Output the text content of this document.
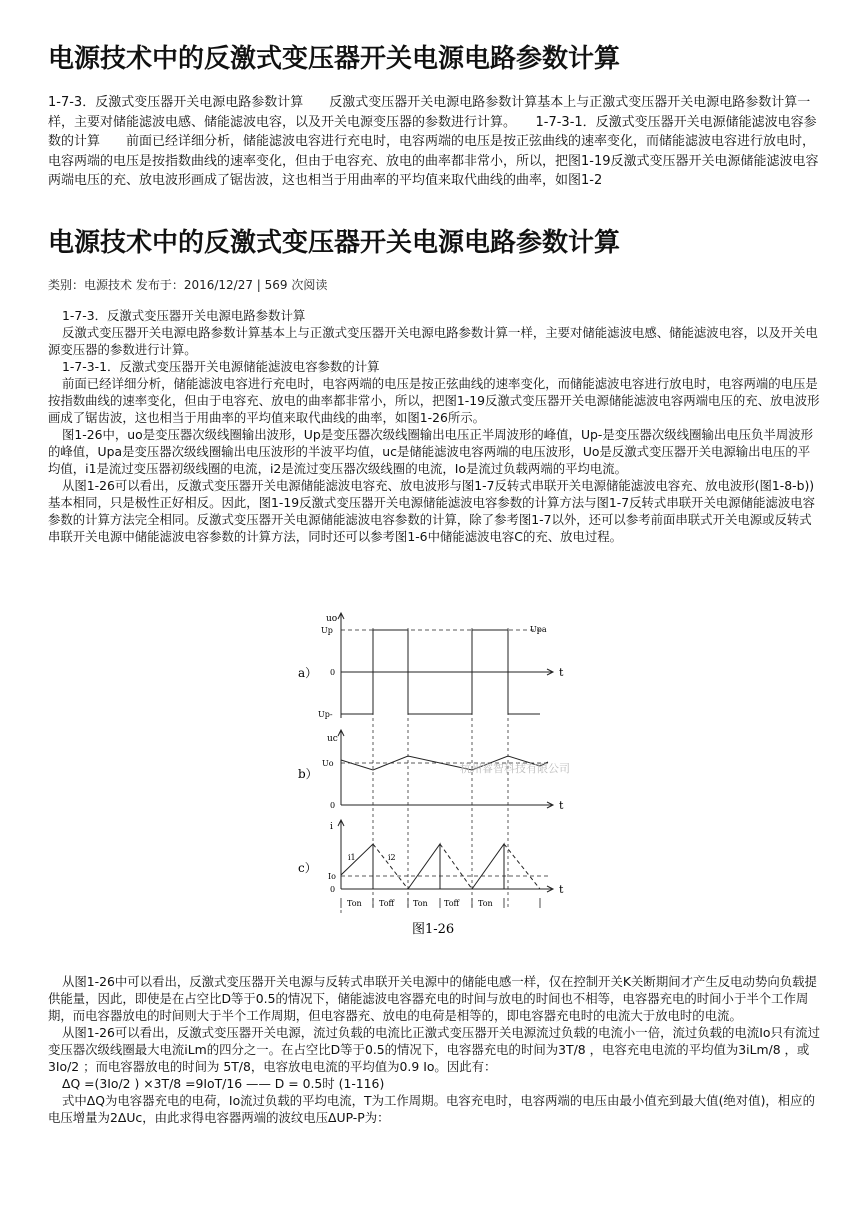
电源技术中的反激式变压器开关电源电路参数计算
1-7-3．反激式变压器开关电源电路参数计算　　反激式变压器开关电源电路参数计算基本上与正激式变压器开关电源电路参数计算一样，主要对储能滤波电感、储能滤波电容，以及开关电源变压器的参数进行计算。　　1-7-3-1．反激式变压器开关电源储能滤波电容参数的计算　　前面已经详细分析，储能滤波电容进行充电时，电容两端的电压是按正弦曲线的速率变化，而储能滤波电容进行放电时，电容两端的电压是按指数曲线的速率变化，但由于电容充、放电的曲率都非常小，所以，把图1-19反激式变压器开关电源储能滤波电容两端电压的充、放电波形画成了锯齿波，这也相当于用曲率的平均值来取代曲线的曲率，如图1-2
电源技术中的反激式变压器开关电源电路参数计算
类别：电源技术 发布于：2016/12/27 | 569 次阅读

1-7-3．反激式变压器开关电源电路参数计算

反激式变压器开关电源电路参数计算基本上与正激式变压器开关电源电路参数计算一样，主要对储能滤波电感、储能滤波电容，以及开关电源变压器的参数进行计算。

1-7-3-1．反激式变压器开关电源储能滤波电容参数的计算

前面已经详细分析，储能滤波电容进行充电时，电容两端的电压是按正弦曲线的速率变化，而储能滤波电容进行放电时，电容两端的电压是按指数曲线的速率变化，但由于电容充、放电的曲率都非常小，所以，把图1-19反激式变压器开关电源储能滤波电容两端电压的充、放电波形画成了锯齿波，这也相当于用曲率的平均值来取代曲线的曲率，如图1-26所示。

图1-26中，uo是变压器次级线圈输出波形，Up是变压器次级线圈输出电压正半周波形的峰值，Up-是变压器次级线圈输出电压负半周波形的峰值，Upa是变压器次级线圈输出电压波形的半波平均值，uc是储能滤波电容两端的电压波形，Uo是反激式变压器开关电源输出电压的平均值，i1是流过变压器初级线圈的电流，i2是流过变压器次级线圈的电流，Io是流过负载两端的平均电流。

从图1-26可以看出，反激式变压器开关电源储能滤波电容充、放电波形与图1-7反转式串联开关电源储能滤波电容充、放电波形(图1-8-b))基本相同，只是极性正好相反。因此，图1-19反激式变压器开关电源储能滤波电容参数的计算方法与图1-7反转式串联开关电源储能滤波电容参数的计算方法完全相同。反激式变压器开关电源储能滤波电容参数的计算，除了参考图1-7以外，还可以参考前面串联式开关电源或反转式串联开关电源中储能滤波电容参数的计算方法，同时还可以参考图1-6中储能滤波电容C的充、放电过程。

uo
Up	Upa
0
Up-
a）	t
杭州睿智科技有限公司
uc
Uo
0
b）
t
i
i1	i2
Io
0
c）
t
Ton Toff Ton Toff Ton
图1-26

从图1-26中可以看出，反激式变压器开关电源与反转式串联开关电源中的储能电感一样，仅在控制开关K关断期间才产生反电动势向负载提供能量，因此，即使是在占空比D等于0.5的情况下，储能滤波电容器充电的时间与放电的时间也不相等，电容器充电的时间小于半个工作周期，而电容器放电的时间则大于半个工作周期，但电容器充、放电的电荷是相等的，即电容器充电时的电流大于放电时的电流。

从图1-26可以看出，反激式变压器开关电源，流过负载的电流比正激式变压器开关电源流过负载的电流小一倍，流过负载的电流Io只有流过变压器次级线圈最大电流iLm的四分之一。在占空比D等于0.5的情况下，电容器充电的时间为3T/8 ，电容充电电流的平均值为3iLm/8 ，或3Io/2 ；而电容器放电的时间为 5T/8，电容放电电流的平均值为0.9 Io。因此有：

ΔQ =(3Io/2 ) ×3T/8 =9IoT/16 —— D = 0.5时 (1-116)

式中ΔQ为电容器充电的电荷，Io流过负载的平均电流，T为工作周期。电容充电时，电容两端的电压由最小值充到最大值(绝对值)，相应的电压增量为2ΔUc，由此求得电容器两端的波纹电压ΔUP-P为：
